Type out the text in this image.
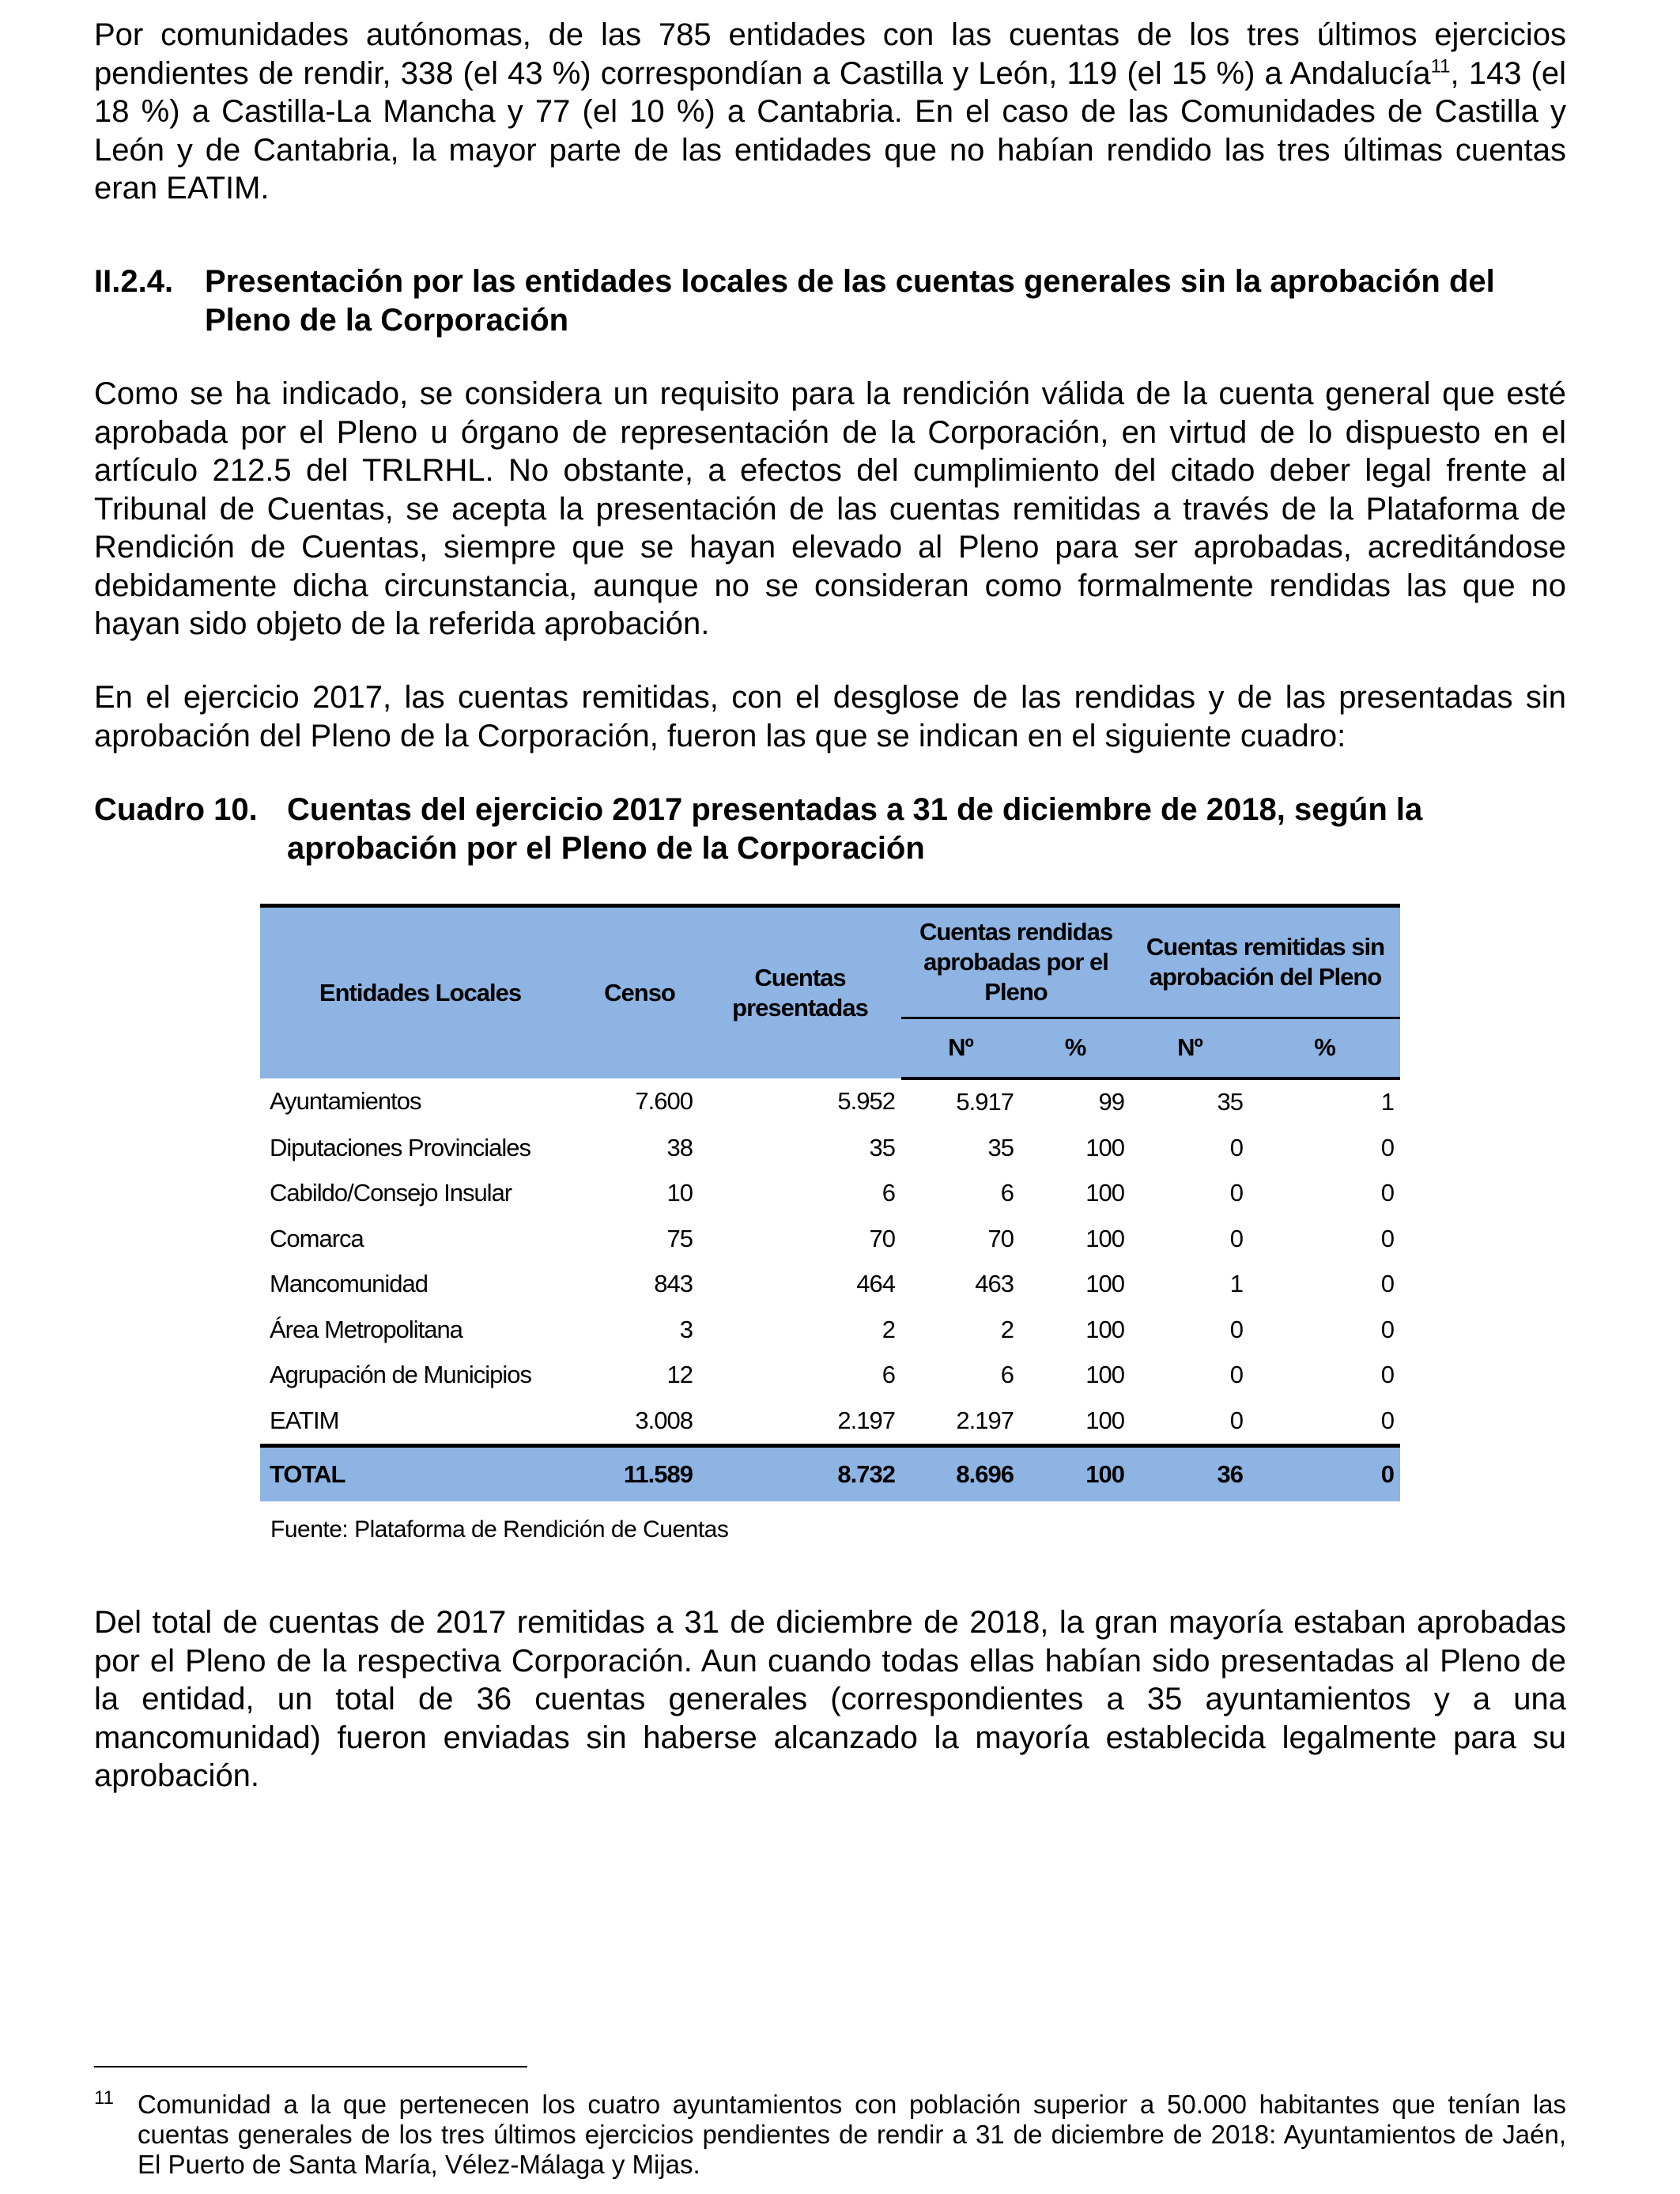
Por comunidades autónomas, de las 785 entidades con las cuentas de los tres últimos ejercicios pendientes de rendir, 338 (el 43 %) correspondían a Castilla y León, 119 (el 15 %) a Andalucía$^{11}$, 143 (el 18 %) a Castilla-La Mancha y 77 (el 10 %) a Cantabria. En el caso de las Comunidades de Castilla y León y de Cantabria, la mayor parte de las entidades que no habían rendido las tres últimas cuentas eran EATIM.

II.2.4. Presentación por las entidades locales de las cuentas generales sin la aprobación del Pleno de la Corporación

Como se ha indicado, se considera un requisito para la rendición válida de la cuenta general que esté aprobada por el Pleno u órgano de representación de la Corporación, en virtud de lo dispuesto en el artículo 212.5 del TRLRHL. No obstante, a efectos del cumplimiento del citado deber legal frente al Tribunal de Cuentas, se acepta la presentación de las cuentas remitidas a través de la Plataforma de Rendición de Cuentas, siempre que se hayan elevado al Pleno para ser aprobadas, acreditándose debidamente dicha circunstancia, aunque no se consideran como formalmente rendidas las que no hayan sido objeto de la referida aprobación.

En el ejercicio 2017, las cuentas remitidas, con el desglose de las rendidas y de las presentadas sin aprobación del Pleno de la Corporación, fueron las que se indican en el siguiente cuadro:

Cuadro 10. Cuentas del ejercicio 2017 presentadas a 31 de diciembre de 2018, según la aprobación por el Pleno de la Corporación
Entidades Locales	Censo	Cuentas presentadas	Cuentas rendidas aprobadas por el Pleno		Cuentas remitidas sin aprobación del Pleno	
			Nº	%	Nº	%
Ayuntamientos	7.600	5.952	5.917	99	35	1
Diputaciones Provinciales	38	35	35	100	0	0
Cabildo/Consejo Insular	10	6	6	100	0	0
Comarca	75	70	70	100	0	0
Mancomunidad	843	464	463	100	1	0
Área Metropolitana	3	2	2	100	0	0
Agrupación de Municipios	12	6	6	100	0	0
EATIM	3.008	2.197	2.197	100	0	0
TOTAL	11.589	8.732	8.696	100	36	0
Fuente: Plataforma de Rendición de Cuentas

Del total de cuentas de 2017 remitidas a 31 de diciembre de 2018, la gran mayoría estaban aprobadas por el Pleno de la respectiva Corporación. Aun cuando todas ellas habían sido presentadas al Pleno de la entidad, un total de 36 cuentas generales (correspondientes a 35 ayuntamientos y a una mancomunidad) fueron enviadas sin haberse alcanzado la mayoría establecida legalmente para su aprobación.

11 Comunidad a la que pertenecen los cuatro ayuntamientos con población superior a 50.000 habitantes que tenían las cuentas generales de los tres últimos ejercicios pendientes de rendir a 31 de diciembre de 2018: Ayuntamientos de Jaén, El Puerto de Santa María, Vélez-Málaga y Mijas.
